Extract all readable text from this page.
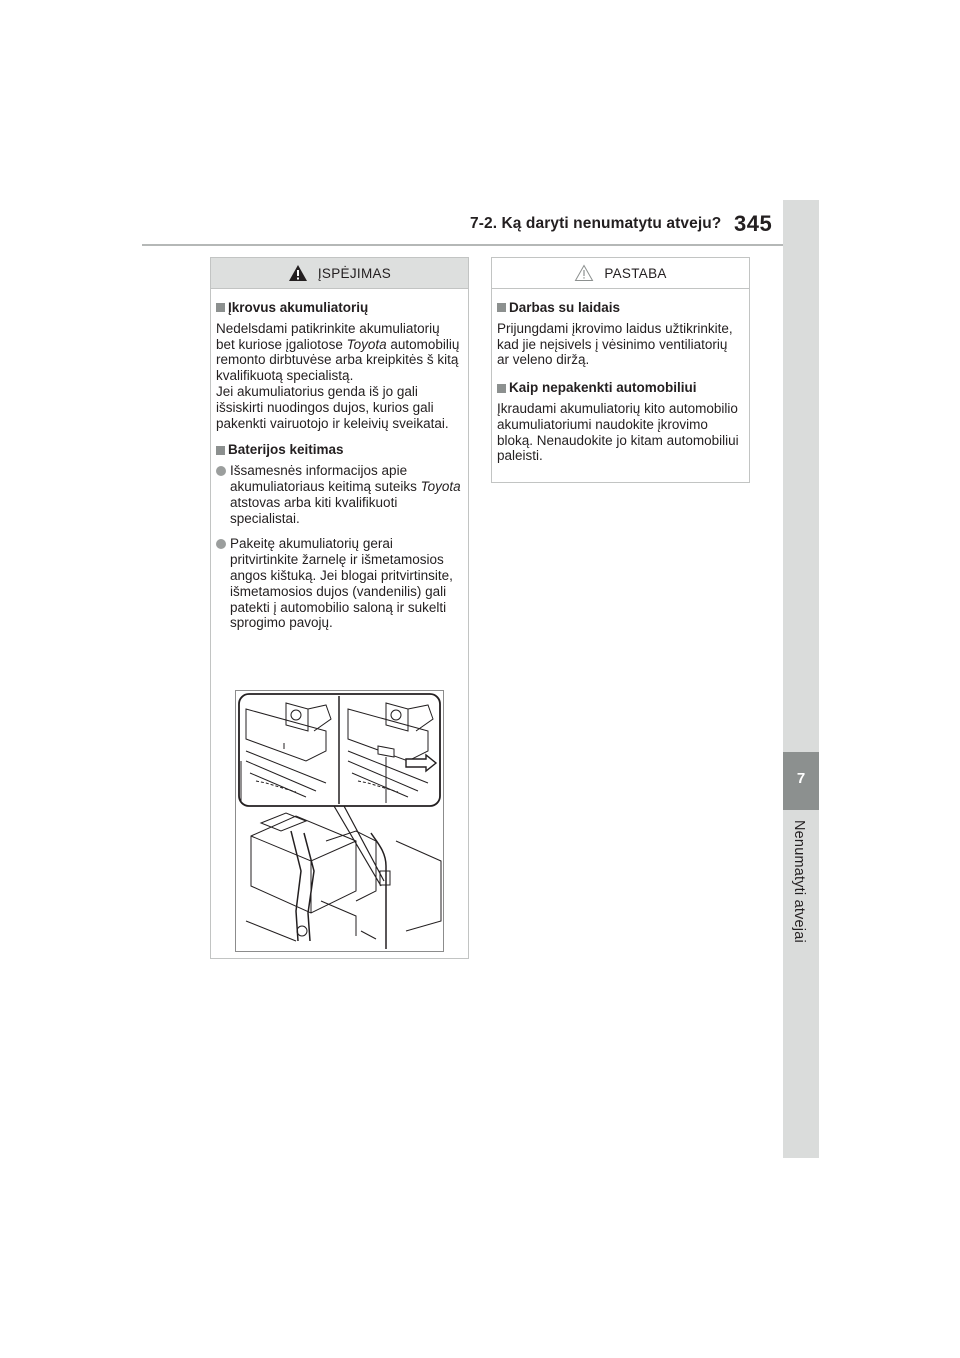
7-2. Ką daryti nenumatytu atveju? 345
7
Nenumatyti atvejai
ĮSPĖJIMAS
Įkrovus akumuliatorių
Nedelsdami patikrinkite akumuliatorių bet kuriose įgaliotose Toyota automobilių remonto dirbtuvėse arba kreipkitės š kitą kvalifikuotą specialistą.
Jei akumuliatorius genda iš jo gali išsiskirti nuodingos dujos, kurios gali pakenkti vairuotojo ir keleivių sveikatai.
Baterijos keitimas
Išsamesnės informacijos apie akumuliatoriaus keitimą suteiks Toyota atstovas arba kiti kvalifikuoti specialistai.
Pakeitę akumuliatorių gerai pritvirtinkite žarnelę ir išmetamosios angos kištuką. Jei blogai pritvirtinsite, išmetamosios dujos (vandenilis) gali patekti į automobilio saloną ir sukelti sprogimo pavojų.
PASTABA
Darbas su laidais
Prijungdami įkrovimo laidus užtikrinkite, kad jie neįsivels į vėsinimo ventiliatorių ar veleno diržą.
Kaip nepakenkti automobiliui
Įkraudami akumuliatorių kito automobilio akumuliatoriumi naudokite įkrovimo bloką. Nenaudokite jo kitam automobiliui paleisti.
